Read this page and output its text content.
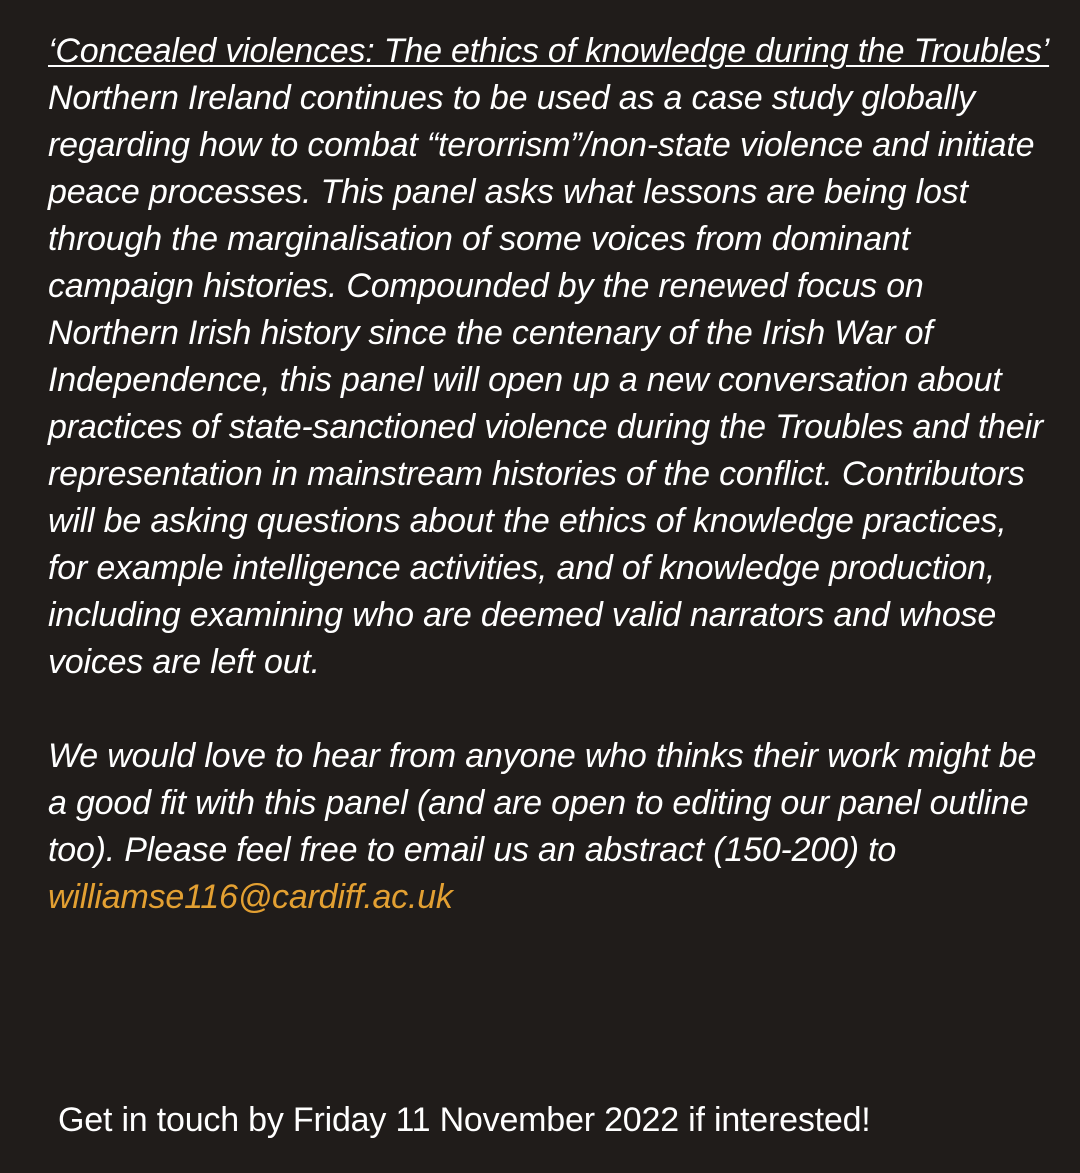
‘Concealed violences: The ethics of knowledge during the Troubles’

Northern Ireland continues to be used as a case study globally regarding how to combat “terorrism”/non-state violence and initiate peace processes. This panel asks what lessons are being lost through the marginalisation of some voices from dominant campaign histories. Compounded by the renewed focus on Northern Irish history since the centenary of the Irish War of Independence, this panel will open up a new conversation about practices of state-sanctioned violence during the Troubles and their representation in mainstream histories of the conflict. Contributors will be asking questions about the ethics of knowledge practices, for example intelligence activities, and of knowledge production, including examining who are deemed valid narrators and whose voices are left out.

We would love to hear from anyone who thinks their work might be a good fit with this panel (and are open to editing our panel outline too). Please feel free to email us an abstract (150-200) to williamse116@cardiff.ac.uk

Get in touch by Friday 11 November 2022 if interested!
